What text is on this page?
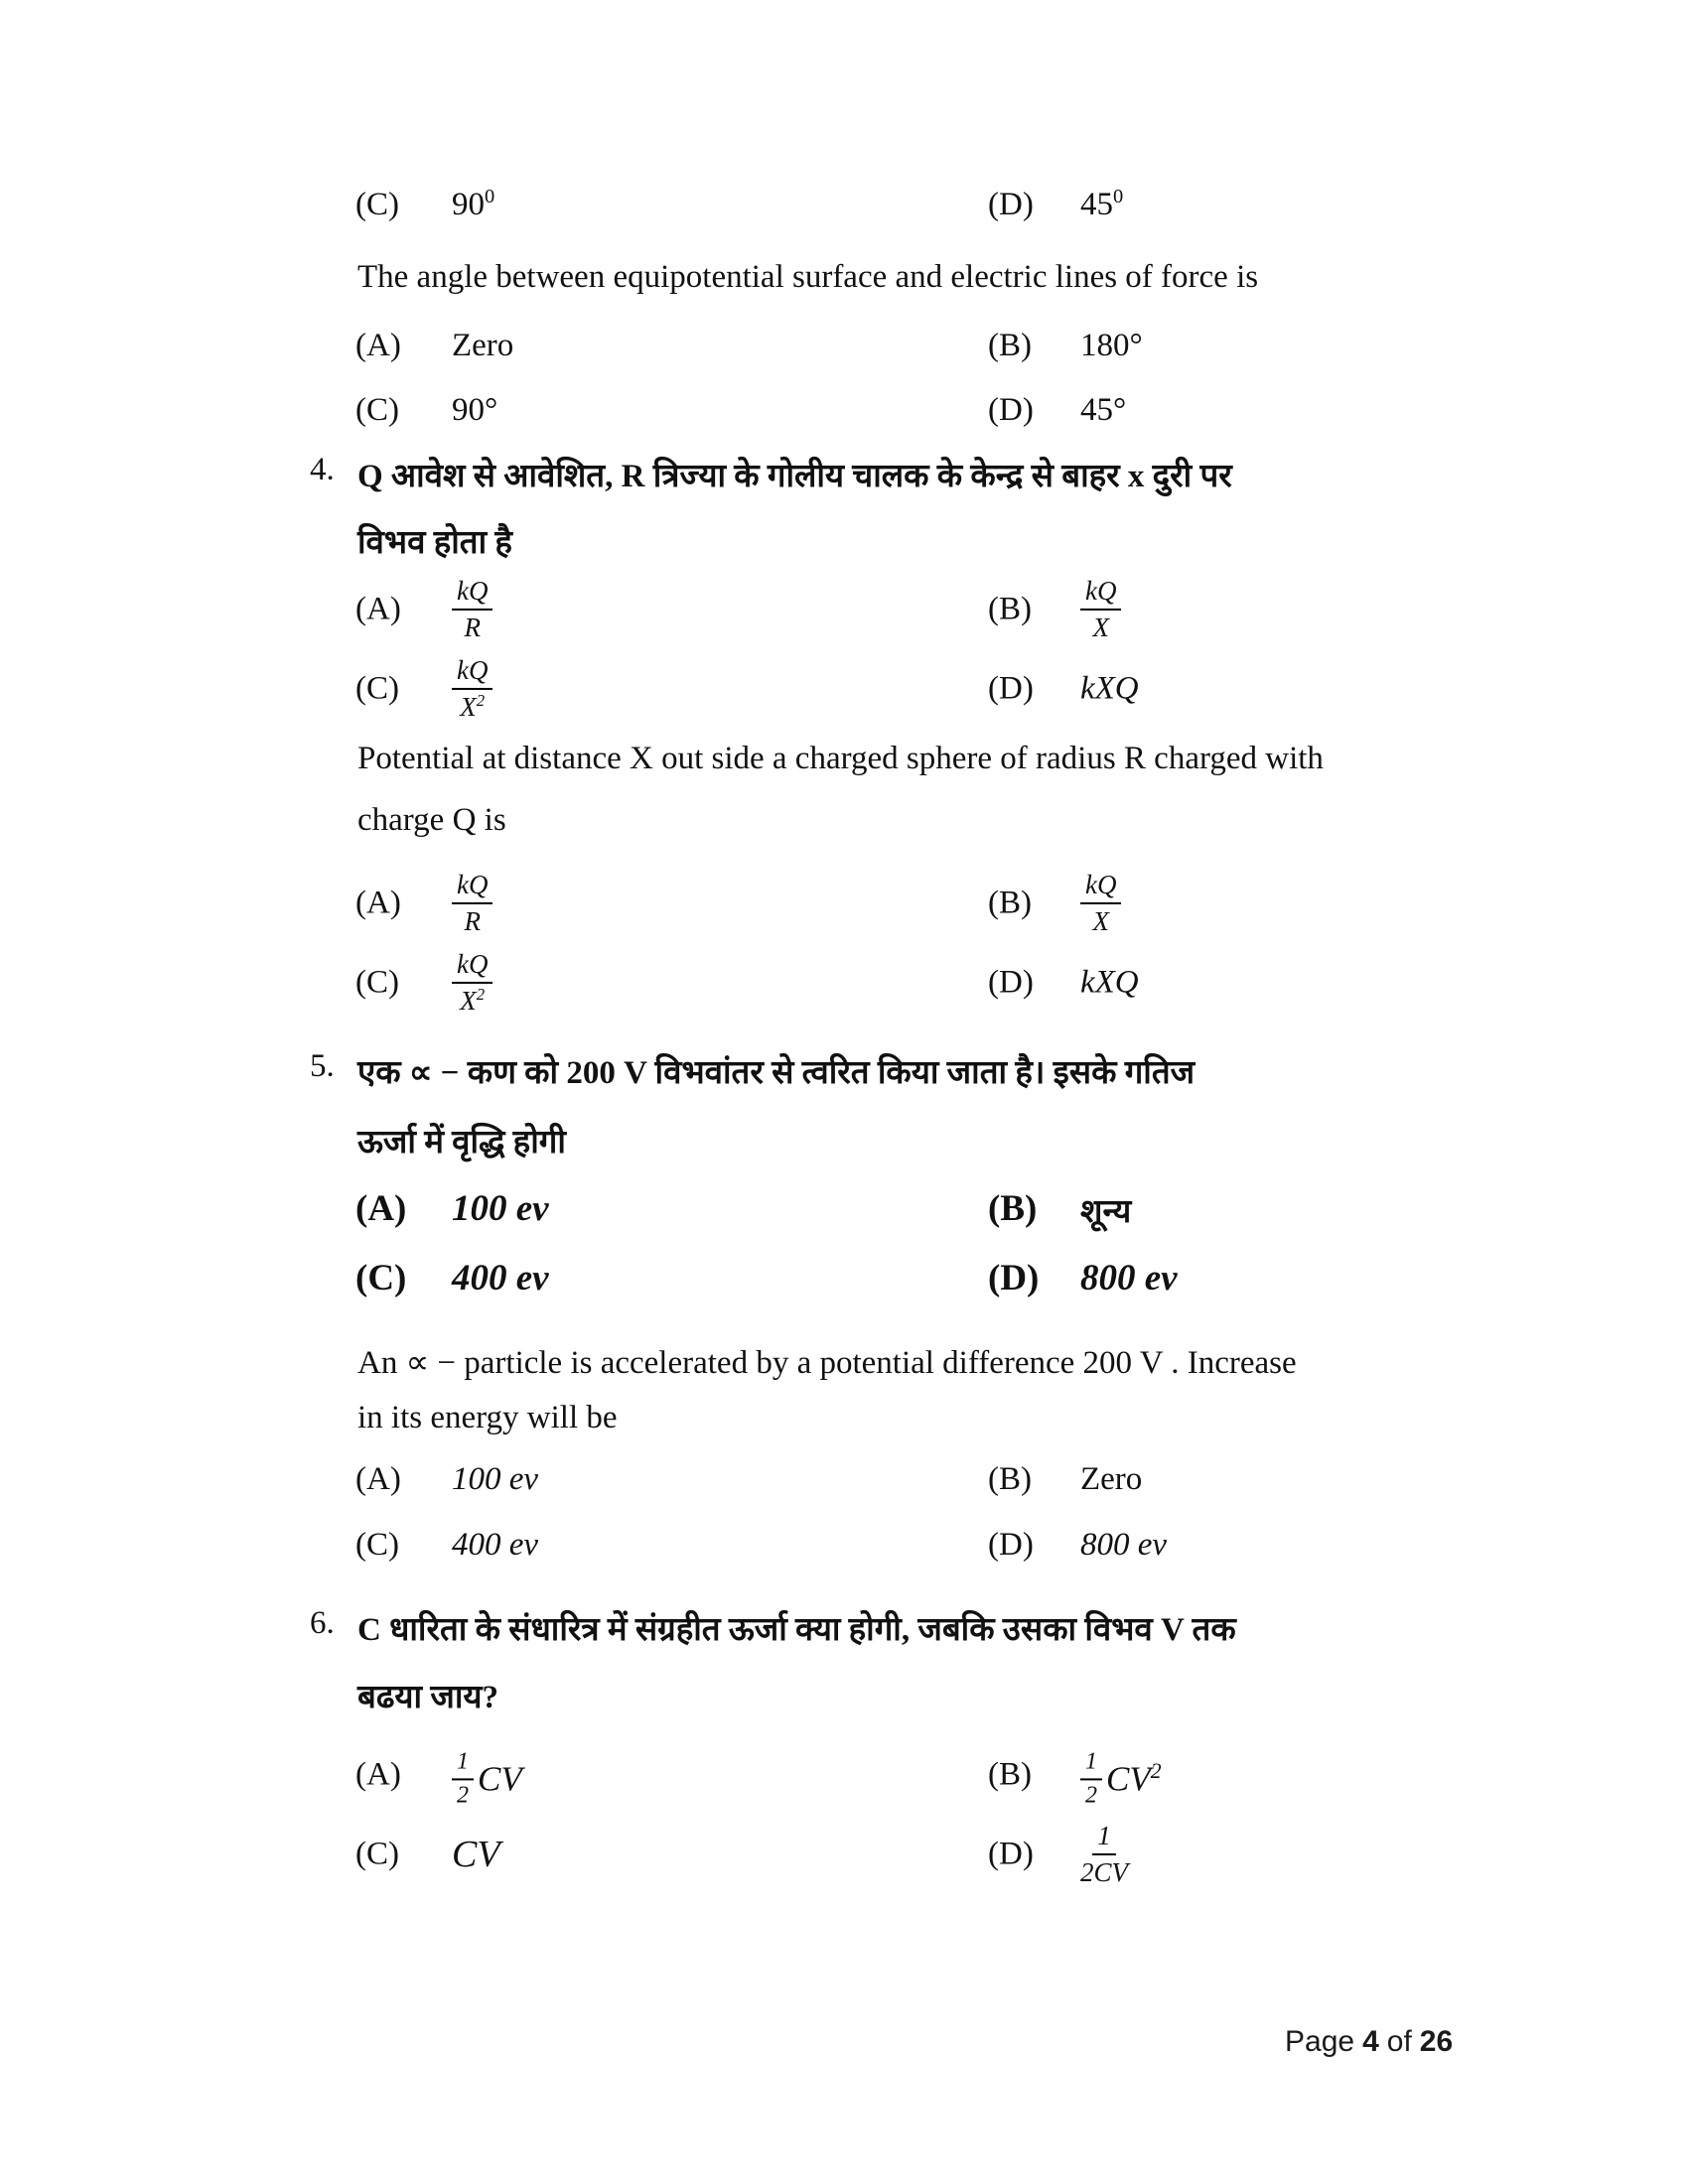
(C) $90^0$	(D) $45^0$
The angle between equipotential surface and electric lines of force is
(A) Zero	(B) 180°
(C) 90°	(D) 45°
4. Q आवेश से आवेशित, R त्रिज्या के गोलीय चालक के केन्द्र से बाहर x दुरी पर
विभव होता है
$(A) \frac{kQ}{R}$	$(B) \frac{kQ}{X}$
$(C) \frac{kQ}{X^2}$	(D) kXQ
Potential at distance X out side a charged sphere of radius R charged with
charge Q is
$(A) \frac{kQ}{R}$	$(B) \frac{kQ}{X}$
$(C) \frac{kQ}{X^2}$	(D) kXQ
5. एक ∝ − कण को 200 V विभवांतर से त्वरित किया जाता है। इसके गतिज
ऊर्जा में वृद्धि होगी
(A) 100 ev	(B) शून्य
(C) 400 ev	(D) 800 ev
An ∝ − particle is accelerated by a potential difference 200 V . Increase
in its energy will be
(A) 100 ev	(B) Zero
(C) 400 ev	(D) 800 ev
6. C धारिता के संधारित्र में संग्रहीत ऊर्जा क्या होगी, जबकि उसका विभव V तक
बढया जाय?
$(A) \frac{1}{2}$ CV	$(B) \frac{1}{2} CV^2$
(C) CV	$(D) \frac{1}{2CV}$
Page 4 of 26
